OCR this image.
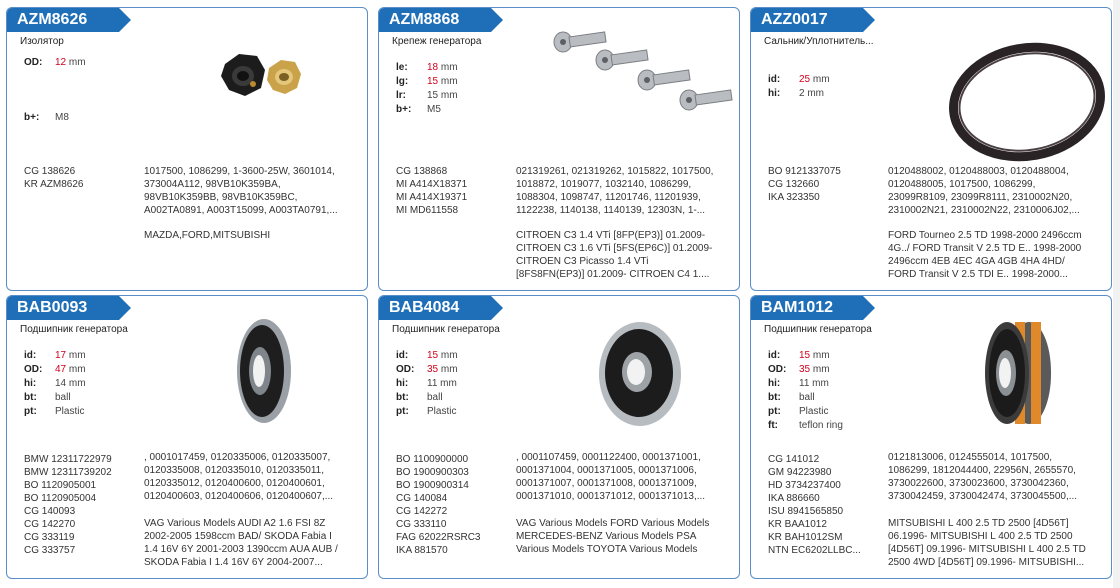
AZM8626
Изолятор
OD:	12
mm
b+:	M8
CG 138626
KR AZM8626
1017500, 1086299, 1-3600-25W, 3601014,
373004A112, 98VB10K359BA,
98VB10K359BB, 98VB10K359BC,
A002TA0891, A003T15099, A003TA0791,...
MAZDA,FORD,MITSUBISHI
AZM8868
Крепеж генератора
le:	18
mm
lg:	15
mm
lr:	15
mm
b+:	M5
CG 138868
MI A414X18371
MI A414X19371
MI MD611558
021319261, 021319262, 1015822, 1017500,
1018872, 1019077, 1032140, 1086299,
1088304, 1098747, 11201746, 11201939,
1122238, 1140138, 1140139, 12303N, 1-...
CITROEN C3 1.4 VTi [8FP(EP3)] 01.2009-
CITROEN C3 1.6 VTi [5FS(EP6C)] 01.2009-
CITROEN C3 Picasso 1.4 VTi
[8FS8FN(EP3)] 01.2009- CITROEN C4 1....
AZZ0017
Сальник/Уплотнитель...
id:	25
mm
hi:	2
mm
BO 9121337075
CG 132660
IKA 323350
0120488002, 0120488003, 0120488004,
0120488005, 1017500, 1086299,
23099R8109, 23099R8111, 2310002N20,
2310002N21, 2310002N22, 2310006J02,...
FORD Tourneo 2.5 TD 1998-2000 2496ccm
4G../ FORD Transit V 2.5 TD E.. 1998-2000
2496ccm 4EB 4EC 4GA 4GB 4HA 4HD/
FORD Transit V 2.5 TDI E.. 1998-2000...
BAB0093
Подшипник генератора
id:	17
mm
OD:	47
mm
hi:	14
mm
bt:	ball
pt:	Plastic
BMW 12311722979
BMW 12311739202
BO 1120905001
BO 1120905004
CG 140093
CG 142270
CG 333119
CG 333757
, 0001017459, 0120335006, 0120335007,
0120335008, 0120335010, 0120335011,
0120335012, 0120400600, 0120400601,
0120400603, 0120400606, 0120400607,...
VAG Various Models AUDI A2 1.6 FSI 8Z
2002-2005 1598ccm BAD/ SKODA Fabia I
1.4 16V 6Y 2001-2003 1390ccm AUA AUB /
SKODA Fabia I 1.4 16V 6Y 2004-2007...
BAB4084
Подшипник генератора
id:	15
mm
OD:	35
mm
hi:	11
mm
bt:	ball
pt:	Plastic
BO 1100900000
BO 1900900303
BO 1900900314
CG 140084
CG 142272
CG 333110
FAG 62022RSRC3
IKA 881570
, 0001107459, 0001122400, 0001371001,
0001371004, 0001371005, 0001371006,
0001371007, 0001371008, 0001371009,
0001371010, 0001371012, 0001371013,...
VAG Various Models FORD Various Models
MERCEDES-BENZ Various Models PSA
Various Models TOYOTA Various Models
BAM1012
Подшипник генератора
id:	15
mm
OD:	35
mm
hi:	11
mm
bt:	ball
pt:	Plastic
ft:	teflon ring
CG 141012
GM 94223980
HD 3734237400
IKA 886660
ISU 8941565850
KR BAA1012
KR BAH1012SM
NTN EC6202LLBC...
0121813006, 0124555014, 1017500,
1086299, 1812044400, 22956N, 2655570,
3730022600, 3730023600, 3730042360,
3730042459, 3730042474, 3730045500,...
MITSUBISHI L 400 2.5 TD 2500 [4D56T]
06.1996- MITSUBISHI L 400 2.5 TD 2500
[4D56T] 09.1996- MITSUBISHI L 400 2.5 TD
2500 4WD [4D56T] 09.1996- MITSUBISHI...
